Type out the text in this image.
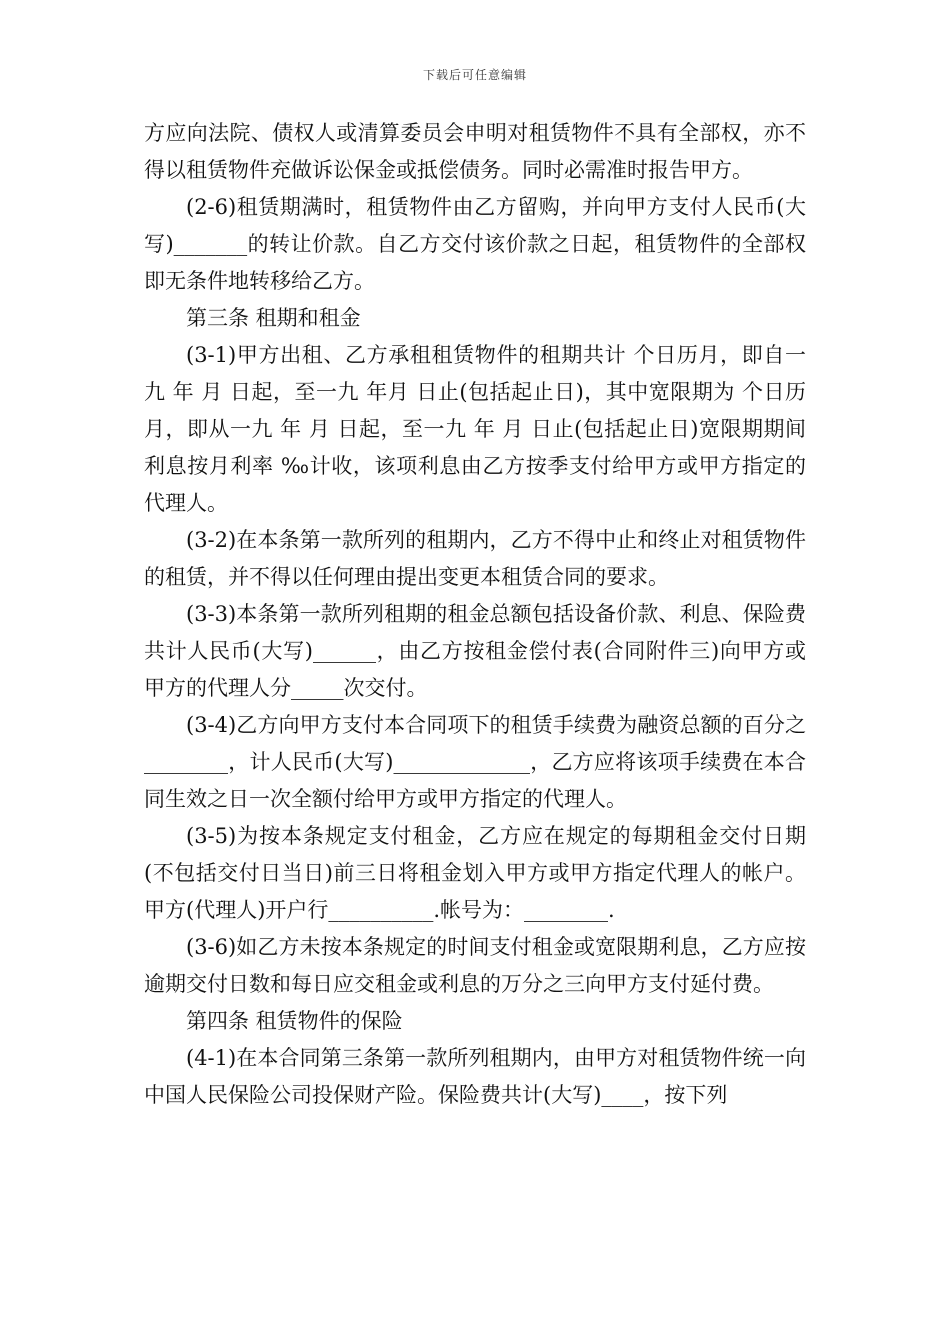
下载后可任意编辑

方应向法院、债权人或清算委员会申明对租赁物件不具有全部权，亦不得以租赁物件充做诉讼保金或抵偿债务。同时必需准时报告甲方。

(2-6)租赁期满时，租赁物件由乙方留购，并向甲方支付人民币(大写)_______的转让价款。自乙方交付该价款之日起，租赁物件的全部权即无条件地转移给乙方。

第三条 租期和租金

(3-1)甲方出租、乙方承租租赁物件的租期共计 个日历月，即自一九 年 月 日起，至一九 年月 日止(包括起止日)，其中宽限期为 个日历月，即从一九 年 月 日起，至一九 年 月 日止(包括起止日)宽限期期间利息按月利率 ‰计收，该项利息由乙方按季支付给甲方或甲方指定的代理人。

(3-2)在本条第一款所列的租期内，乙方不得中止和终止对租赁物件的租赁，并不得以任何理由提出变更本租赁合同的要求。

(3-3)本条第一款所列租期的租金总额包括设备价款、利息、保险费共计人民币(大写)______，由乙方按租金偿付表(合同附件三)向甲方或甲方的代理人分_____次交付。

(3-4)乙方向甲方支付本合同项下的租赁手续费为融资总额的百分之________，计人民币(大写)_____________，乙方应将该项手续费在本合同生效之日一次全额付给甲方或甲方指定的代理人。

(3-5)为按本条规定支付租金，乙方应在规定的每期租金交付日期(不包括交付日当日)前三日将租金划入甲方或甲方指定代理人的帐户。甲方(代理人)开户行__________.帐号为：________.

(3-6)如乙方未按本条规定的时间支付租金或宽限期利息，乙方应按逾期交付日数和每日应交租金或利息的万分之三向甲方支付延付费。

第四条 租赁物件的保险

(4-1)在本合同第三条第一款所列租期内，由甲方对租赁物件统一向中国人民保险公司投保财产险。保险费共计(大写)____，按下列
